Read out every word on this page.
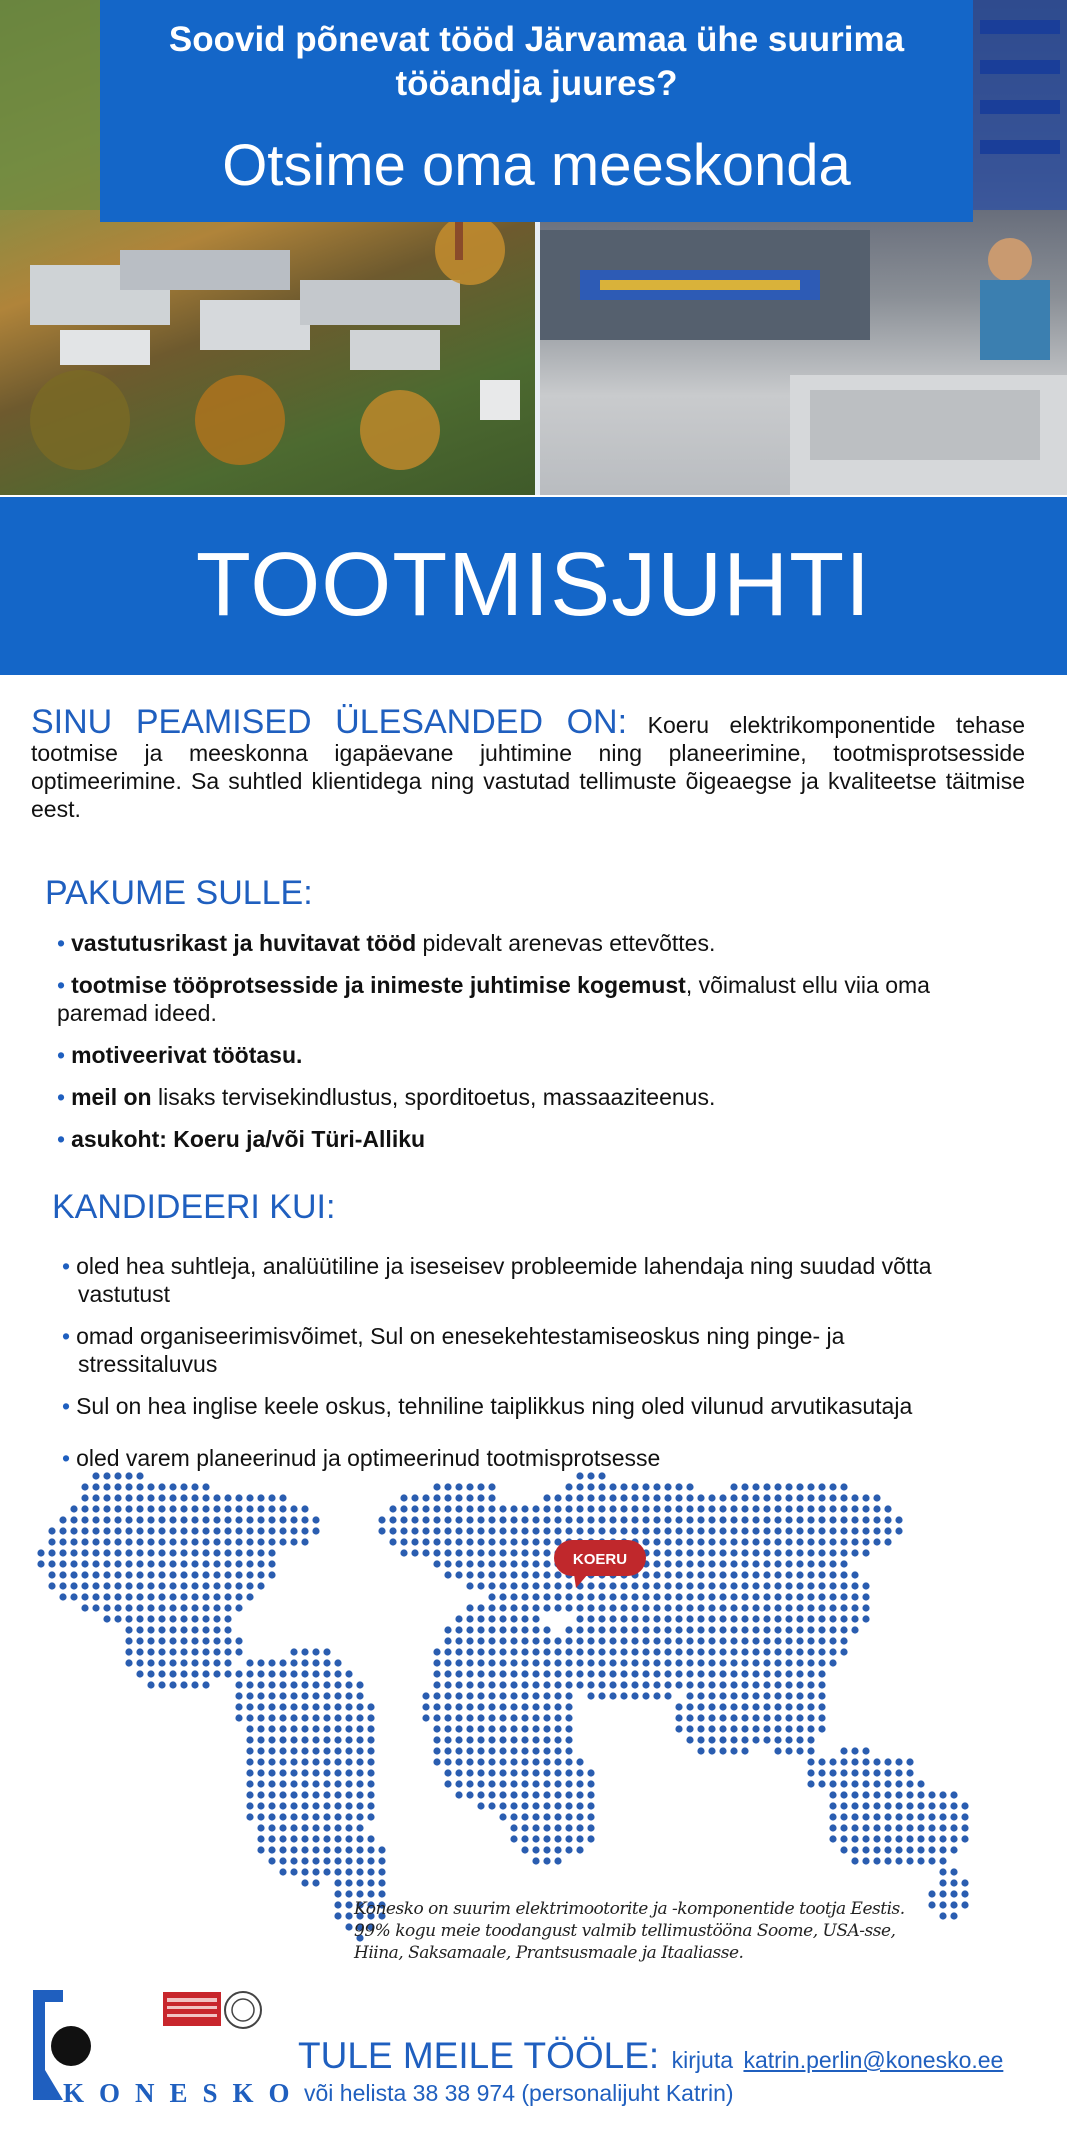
Soovid põnevat tööd Järvamaa ühe suurima tööandja juures?
Otsime oma meeskonda
TOOTMISJUHTI
SINU PEAMISED ÜLESANDED ON: Koeru elektrikomponentide tehase tootmise ja meeskonna igapäevane juhtimine ning planeerimine, tootmisprotsesside optimeerimine. Sa suhtled klientidega ning vastutad tellimuste õigeaegse ja kvaliteetse täitmise eest.
PAKUME SULLE:
• vastutusrikast ja huvitavat tööd pidevalt arenevas ettevõttes.
• tootmise tööprotsesside ja inimeste juhtimise kogemust, võimalust ellu viia oma paremad ideed.
• motiveerivat töötasu.
• meil on lisaks tervisekindlustus, sporditoetus, massaaziteenus.
• asukoht: Koeru ja/või Türi-Alliku
KANDIDEERI KUI:
• oled hea suhtleja, analüütiline ja iseseisev probleemide lahendaja ning suudad võtta vastutust
• omad organiseerimisvõimet, Sul on enesekehtestamiseoskus ning pinge- ja stressitaluvus
• Sul on hea inglise keele oskus, tehniline taiplikkus ning oled vilunud arvutikasutaja
• oled varem planeerinud ja optimeerinud tootmisprotsesse
KOERU
Konesko on suurim elektrimootorite ja -komponentide tootja Eestis. 99% kogu meie toodangust valmib tellimustööna Soome, USA-sse, Hiina, Saksamaale, Prantsusmaale ja Itaaliasse.
KONESKO
TULE MEILE TÖÖLE: kirjuta katrin.perlin@konesko.ee
või helista 38 38 974 (personalijuht Katrin)
